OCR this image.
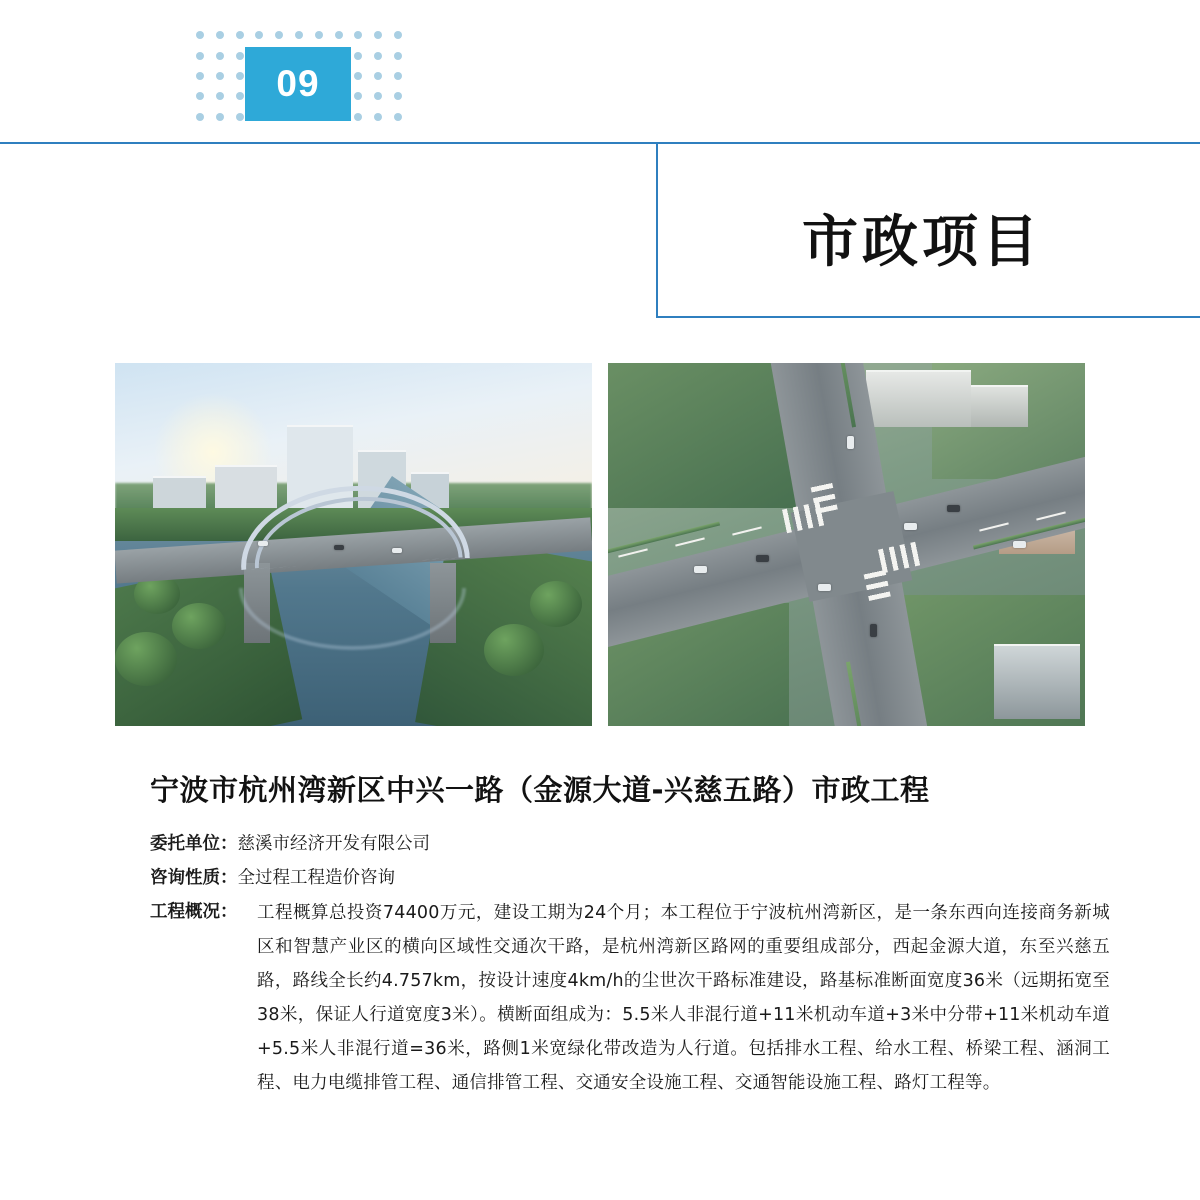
09
市政项目
宁波市杭州湾新区中兴一路（金源大道-兴慈五路）市政工程
委托单位： 慈溪市经济开发有限公司
咨询性质： 全过程工程造价咨询
工程概况：	工程概算总投资74400万元，建设工期为24个月；本工程位于宁波杭州湾新区，是一条东西向连接商务新城区和智慧产业区的横向区域性交通次干路，是杭州湾新区路网的重要组成部分，西起金源大道，东至兴慈五路，路线全长约4.757km，按设计速度4km/h的尘世次干路标准建设，路基标准断面宽度36米（远期拓宽至38米，保证人行道宽度3米）。横断面组成为：5.5米人非混行道+11米机动车道+3米中分带+11米机动车道+5.5米人非混行道=36米，路侧1米宽绿化带改造为人行道。包括排水工程、给水工程、桥梁工程、涵洞工程、电力电缆排管工程、通信排管工程、交通安全设施工程、交通智能设施工程、路灯工程等。
